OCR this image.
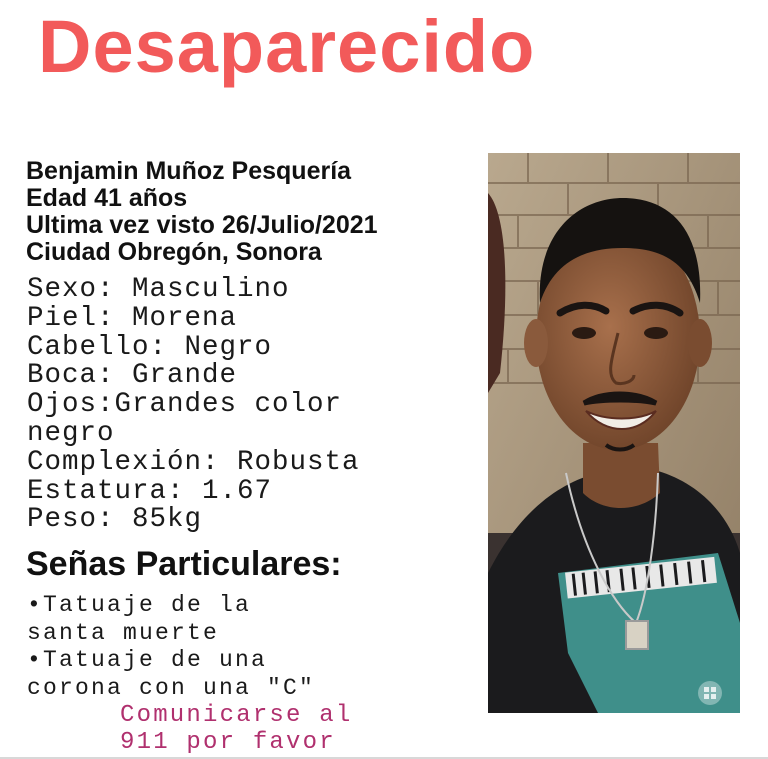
Desaparecido
Benjamin Muñoz Pesquería
Edad 41 años
Ultima vez visto 26/Julio/2021
Ciudad Obregón, Sonora
Sexo: Masculino
Piel: Morena
Cabello: Negro
Boca: Grande
Ojos:Grandes color
negro
Complexión: Robusta
Estatura: 1.67
Peso: 85kg
Señas Particulares:
•Tatuaje de la
santa muerte
•Tatuaje de una
corona con una "C"
Comunicarse al
911 por favor
